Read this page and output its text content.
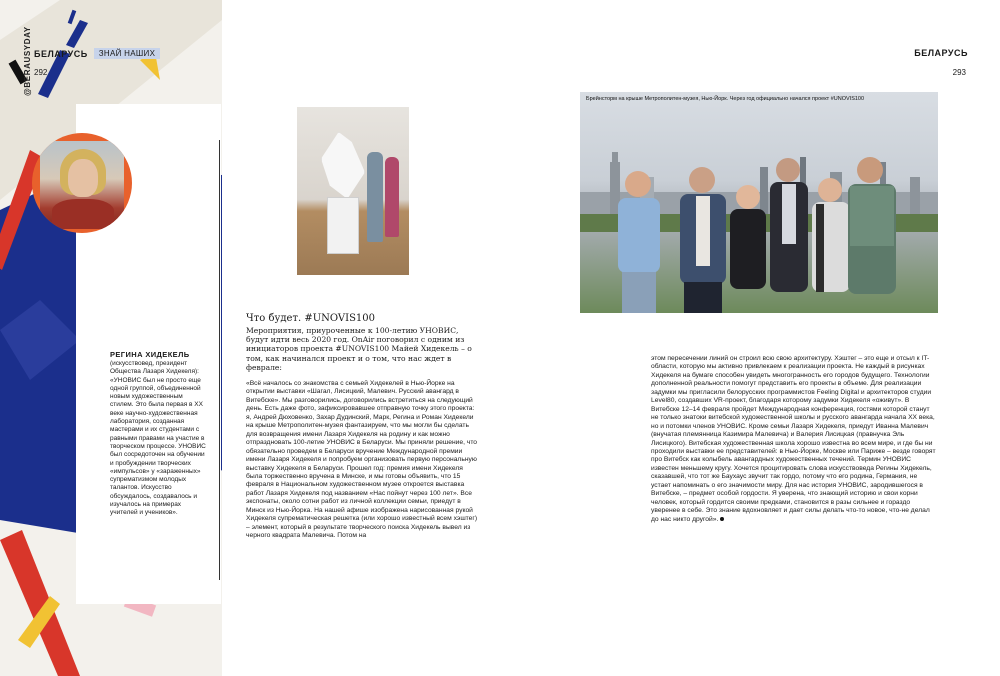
БЕЛАРУСЬ	ЗНАЙ НАШИХ
292
@BERAUSYDAY
РЕГИНА ХИДЕКЕЛЬ
(искусствовед, президент Общества Лазаря Хидекеля): «УНОВИС был не просто еще одной группой, объединенной новым художественным стилем. Это была первая в XX веке научно-художественная лаборатория, созданная мастерами и их студентами с равными правами на участие в творческом процессе. УНОВИС был сосредоточен на обучении и пробуждении творческих «импульсов» у «зараженных» супрематизмом молодых талантов. Искусство обсуждалось, создавалось и изучалось на примерах учителей и учеников».
Что будет. #UNOVIS100
Мероприятия, приуроченные к 100-летию УНОВИС, будут идти весь 2020 год. OnAir поговорил с одним из инициаторов проекта #UNOVIS100 Майей Хидекель – о том, как начинался проект и о том, что нас ждет в феврале:
«Всё началось со знакомства с семьей Хидекелей в Нью-Йорке на открытии выставки «Шагал, Лисицкий, Малевич. Русский авангард в Витебске». Мы разговорились, договорились встретиться на следующий день. Есть даже фото, зафиксировавшее отправную точку этого проекта: я, Андрей Дюховенко, Захар Дудинский, Марк, Регина и Роман Хидекели на крыше Метрополитен-музея фантазируем, что мы могли бы сделать для возвращения имени Лазаря Хидекеля на родину и как можно отпраздновать 100-летие УНОВИС в Беларуси. Мы приняли решение, что обязательно проведем в Беларуси вручение Международной премии имени Лазаря Хидекеля и попробуем организовать первую персональную выставку Хидекеля в Беларуси. Прошел год: премия имени Хидекеля была торжественно вручена в Минске, и мы готовы объявить, что 15 февраля в Национальном художественном музее откроется выставка работ Лазаря Хидекеля под названием «Нас пойнут через 100 лет». Все экспонаты, около сотни работ из личной коллекции семьи, приедут в Минск из Нью-Йорка. На нашей афише изображена нарисованная рукой Хидекеля супрематическая решетка (или хорошо известный всем хэштег) – элемент, который в результате творческого поиска Хидекель вывел из черного квадрата Малевича. Потом на
БЕЛАРУСЬ
293
Брейнсторм на крыше Метрополитен-музея, Нью-Йорк. Через год официально начался проект #UNOVIS100
этом пересечении линий он строил всю свою архитектуру. Хэштег – это еще и отсыл к IT-области, которую мы активно привлекаем к реализации проекта. Не каждый в рисунках Хидекеля на бумаге способен увидеть многогранность его городов будущего. Технологии дополненной реальности помогут представить его проекты в объеме. Для реализации задумки мы пригласили белорусских программистов Feeling Digital и архитекторов студии Level80, создавших VR-проект, благодаря которому задумки Хидекеля «оживут». В Витебске 12–14 февраля пройдет Международная конференция, гостями которой станут не только знатоки витебской художественной школы и русского авангарда начала XX века, но и потомки членов УНОВИС. Кроме семьи Лазаря Хидекеля, приедут Иванна Малевич (внучатая племянница Казимира Малевича) и Валерия Лисицкая (правнучка Эль Лисицкого). Витебская художественная школа хорошо известна во всем мире, и где бы ни проходили выставки ее представителей: в Нью-Йорке, Москве или Париже – везде говорят про Витебск как колыбель авангардных художественных течений. Термин УНОВИС известен меньшему кругу. Хочется процитировать слова искусствоведа Регины Хидекель, сказавшей, что тот же Баухаус звучит так гордо, потому что его родина, Германия, не устает напоминать о его значимости миру. Для нас история УНОВИС, зародившегося в Витебске, – предмет особой гордости. Я уверена, что знающий историю и свои корни человек, который гордится своими предками, становится в разы сильнее и гораздо уверенее в себе. Это знание вдохновляет и дает силы делать что-то новое, что-не делал до нас никто другой».
